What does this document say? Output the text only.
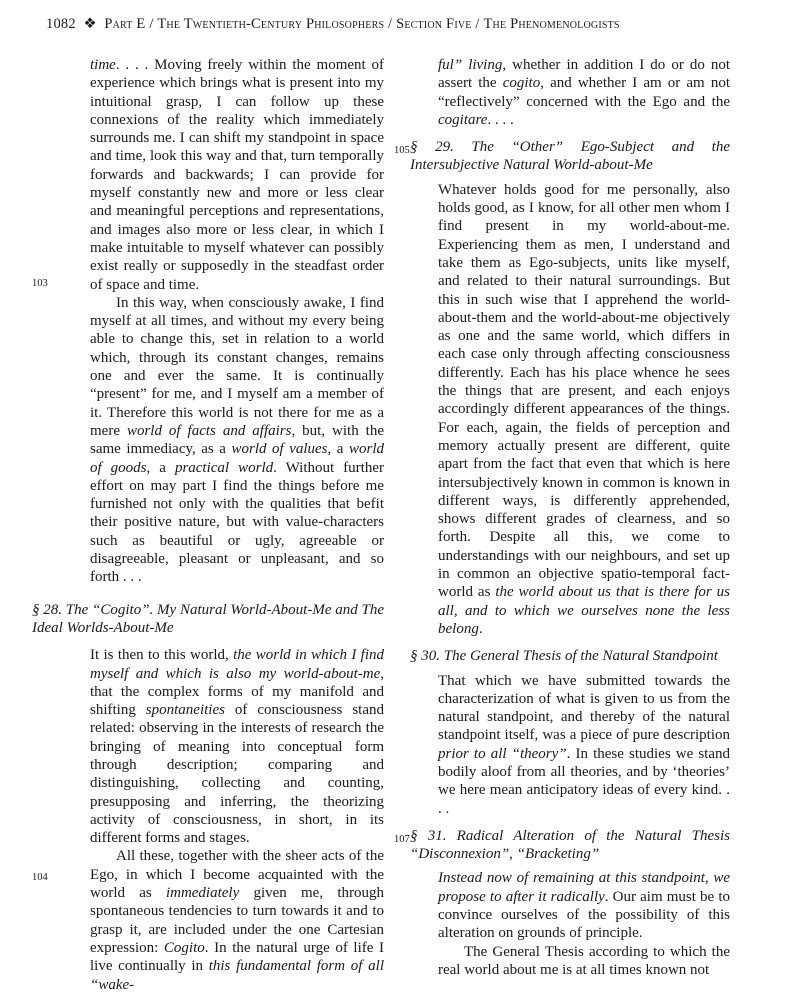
1082  ❖  Part E / The Twentieth-Century Philosophers / Section Five / The Phenomenologists

time. . . . Moving freely within the moment of experience which brings what is present into my intuitional grasp, I can follow up these connexions of the reality which immediately surrounds me. I can shift my standpoint in space and time, look this way and that, turn temporally forwards and backwards; I can provide for myself constantly new and more or less clear and meaningful perceptions and representations, and images also more or less clear, in which I make intuitable to myself whatever can possibly exist really or supposedly in the steadfast order of space and time.

103

In this way, when consciously awake, I find myself at all times, and without my every being able to change this, set in relation to a world which, through its constant changes, remains one and ever the same. It is continually “present” for me, and I myself am a member of it. Therefore this world is not there for me as a mere world of facts and affairs, but, with the same immediacy, as a world of values, a world of goods, a practical world. Without further effort on may part I find the things before me furnished not only with the qualities that befit their positive nature, but with value-characters such as beautiful or ugly, agreeable or disagreeable, pleasant or unpleasant, and so forth . . .

§ 28. The “Cogito”. My Natural World-About-Me and The Ideal Worlds-About-Me

It is then to this world, the world in which I find myself and which is also my world-about-me, that the complex forms of my manifold and shifting spontaneities of consciousness stand related: observing in the interests of research the bringing of meaning into conceptual form through description; comparing and distinguishing, collecting and counting, presupposing and inferring, the theorizing activity of consciousness, in short, in its different forms and stages.

104

All these, together with the sheer acts of the Ego, in which I become acquainted with the world as immediately given me, through spontaneous tendencies to turn towards it and to grasp it, are included under the one Cartesian expression: Cogito. In the natural urge of life I live continually in this fundamental form of all “wake-

ful” living, whether in addition I do or do not assert the cogito, and whether I am or am not “reflectively” concerned with the Ego and the cogitare. . . .

105 § 29. The “Other” Ego-Subject and the Intersubjective Natural World-about-Me

Whatever holds good for me personally, also holds good, as I know, for all other men whom I find present in my world-about-me. Experiencing them as men, I understand and take them as Ego-subjects, units like myself, and related to their natural surroundings. But this in such wise that I apprehend the world-about-them and the world-about-me objectively as one and the same world, which differs in each case only through affecting consciousness differently. Each has his place whence he sees the things that are present, and each enjoys accordingly different appearances of the things. For each, again, the fields of perception and memory actually present are different, quite apart from the fact that even that which is here intersubjectively known in common is known in different ways, is differently apprehended, shows different grades of clearness, and so forth. Despite all this, we come to understandings with our neighbours, and set up in common an objective spatio-temporal fact-world as the world about us that is there for us all, and to which we ourselves none the less belong.

§ 30. The General Thesis of the Natural Standpoint

That which we have submitted towards the characterization of what is given to us from the natural standpoint, and thereby of the natural standpoint itself, was a piece of pure description prior to all “theory”. In these studies we stand bodily aloof from all theories, and by ‘theories’ we here mean anticipatory ideas of every kind. . . .

107 § 31. Radical Alteration of the Natural Thesis “Disconnexion”, “Bracketing”

Instead now of remaining at this standpoint, we propose to after it radically. Our aim must be to convince ourselves of the possibility of this alteration on grounds of principle.

The General Thesis according to which the real world about me is at all times known not
